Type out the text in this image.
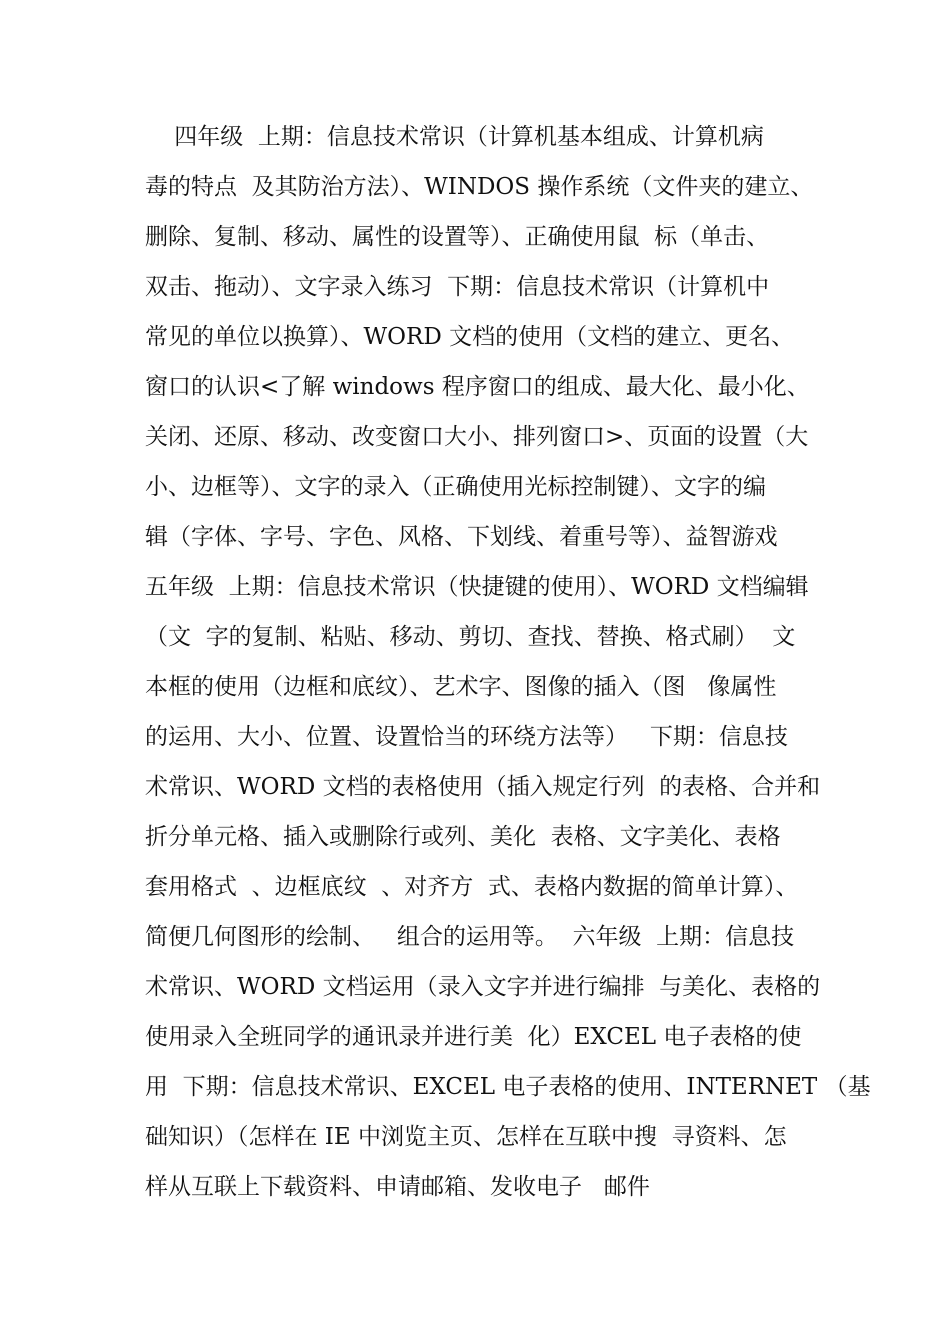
四年级  上期：信息技术常识（计算机基本组成、计算机病
毒的特点  及其防治方法）、WINDOS 操作系统（文件夹的建立、
删除、复制、移动、属性的设置等）、正确使用鼠  标（单击、
双击、拖动）、文字录入练习  下期：信息技术常识（计算机中
常见的单位以换算）、WORD 文档的使用（文档的建立、更名、
窗口的认识<了解 windows 程序窗口的组成、最大化、最小化、
关闭、还原、移动、改变窗口大小、排列窗口>、页面的设置（大
小、边框等）、文字的录入（正确使用光标控制键）、文字的编
辑（字体、字号、字色、风格、下划线、着重号等）、益智游戏
五年级  上期：信息技术常识（快捷键的使用）、WORD 文档编辑
（文  字的复制、粘贴、移动、剪切、查找、替换、格式刷）  文
本框的使用（边框和底纹）、艺术字、图像的插入（图   像属性
的运用、大小、位置、设置恰当的环绕方法等）   下期：信息技
术常识、WORD 文档的表格使用（插入规定行列  的表格、合并和
折分单元格、插入或删除行或列、美化  表格、文字美化、表格
套用格式  、边框底纹  、对齐方  式、表格内数据的简单计算）、
简便几何图形的绘制、   组合的运用等。  六年级  上期：信息技
术常识、WORD 文档运用（录入文字并进行编排  与美化、表格的
使用录入全班同学的通讯录并进行美  化）EXCEL 电子表格的使
用  下期：信息技术常识、EXCEL 电子表格的使用、INTERNET （基
础知识）（怎样在 IE 中浏览主页、怎样在互联中搜  寻资料、怎
样从互联上下载资料、申请邮箱、发收电子   邮件
